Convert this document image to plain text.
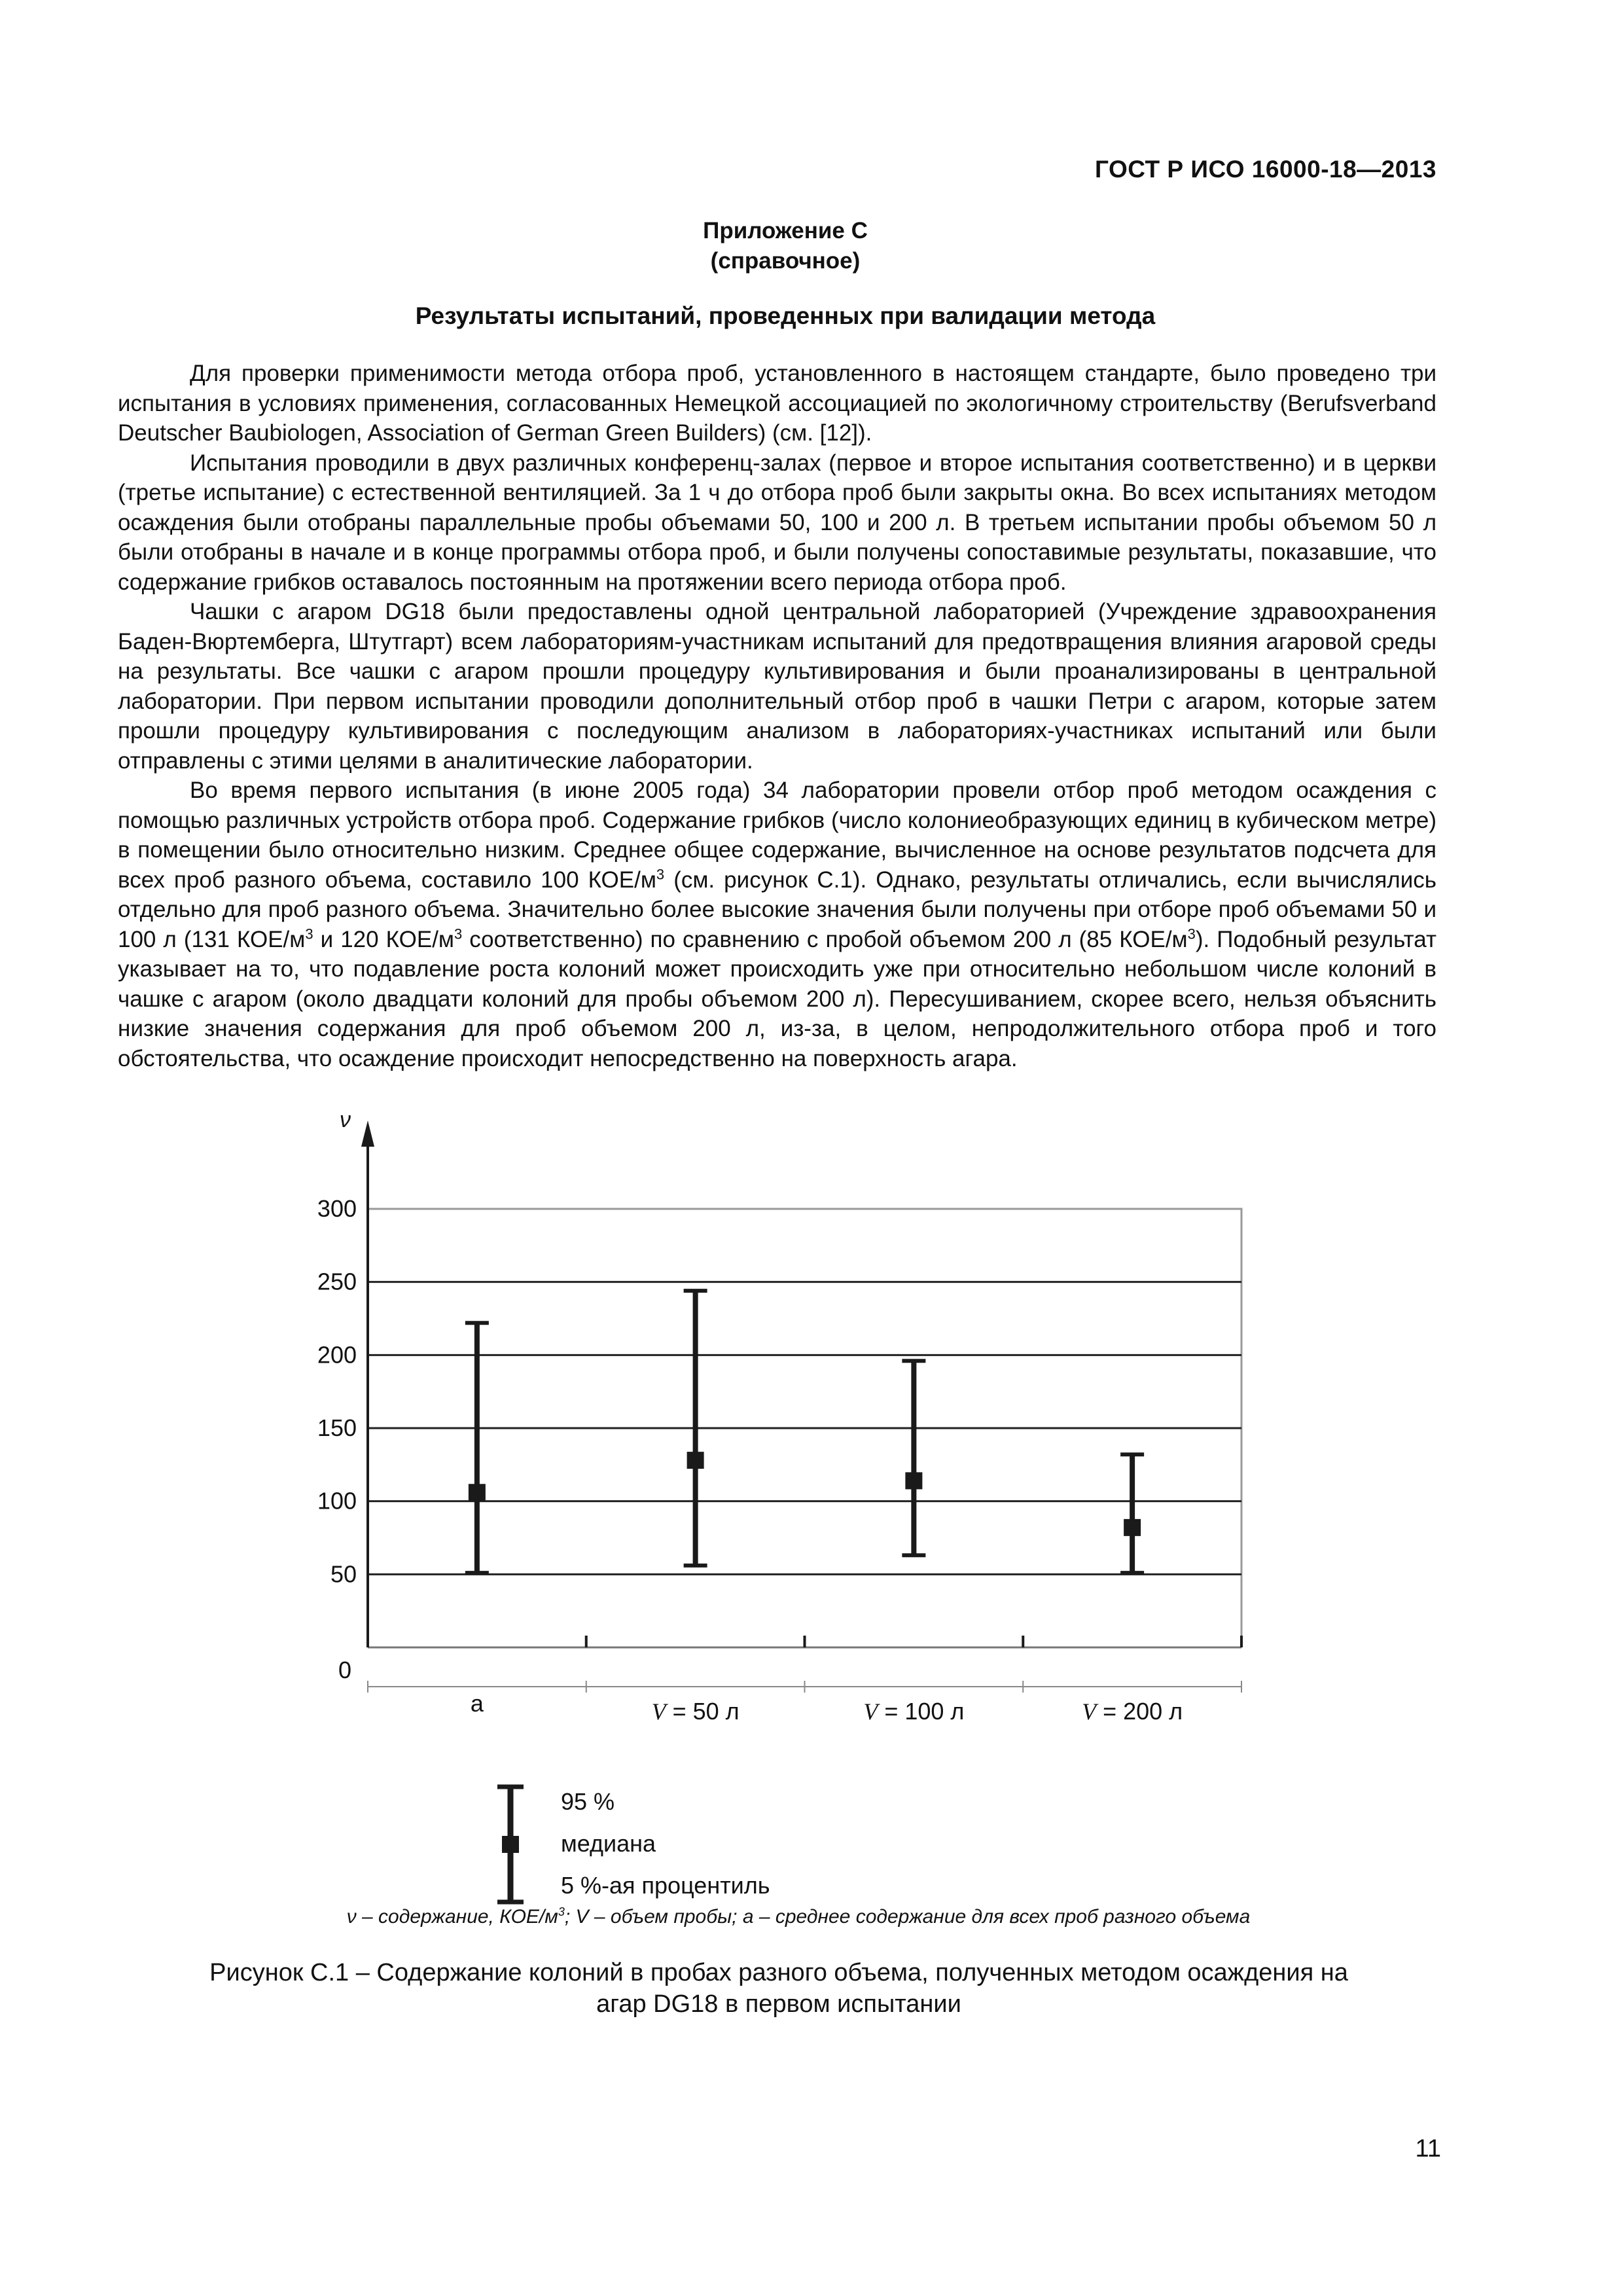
ГОСТ Р ИСО 16000-18—2013
Приложение С
(справочное)
Результаты испытаний, проведенных при валидации метода

Для проверки применимости метода отбора проб, установленного в настоящем стандарте, было проведено три испытания в условиях применения, согласованных Немецкой ассоциацией по экологичному строительству (Berufsverband Deutscher Baubiologen, Association of German Green Builders) (см. [12]).

Испытания проводили в двух различных конференц-залах (первое и второе испытания соответственно) и в церкви (третье испытание) с естественной вентиляцией. За 1 ч до отбора проб были закрыты окна. Во всех испытаниях методом осаждения были отобраны параллельные пробы объемами 50, 100 и 200 л. В третьем испытании пробы объемом 50 л были отобраны в начале и в конце программы отбора проб, и были получены сопоставимые результаты, показавшие, что содержание грибков оставалось постоянным на протяжении всего периода отбора проб.

Чашки с агаром DG18 были предоставлены одной центральной лабораторией (Учреждение здравоохранения Баден-Вюртемберга, Штутгарт) всем лабораториям-участникам испытаний для предотвращения влияния агаровой среды на результаты. Все чашки с агаром прошли процедуру культивирования и были проанализированы в центральной лаборатории. При первом испытании проводили дополнительный отбор проб в чашки Петри с агаром, которые затем прошли процедуру культивирования с последующим анализом в лабораториях-участниках испытаний или были отправлены с этими целями в аналитические лаборатории.

Во время первого испытания (в июне 2005 года) 34 лаборатории провели отбор проб методом осаждения с помощью различных устройств отбора проб. Содержание грибков (число колониеобразующих единиц в кубическом метре) в помещении было относительно низким. Среднее общее содержание, вычисленное на основе результатов подсчета для всех проб разного объема, составило 100 КОЕ/$м^3$ (см. рисунок С.1). Однако, результаты отличались, если вычислялись отдельно для проб разного объема. Значительно более высокие значения были получены при отборе проб объемами 50 и 100 л (131 КОЕ/$м^3$ и 120 КОЕ/$м^3$ соответственно) по сравнению с пробой объемом 200 л (85 КОЕ/$м^3$). Подобный результат указывает на то, что подавление роста колоний может происходить уже при относительно небольшом числе колоний в чашке с агаром (около двадцати колоний для пробы объемом 200 л). Пересушиванием, скорее всего, нельзя объяснить низкие значения содержания для проб объемом 200 л, из-за, в целом, непродолжительного отбора проб и того обстоятельства, что осаждение происходит непосредственно на поверхность агара.

ν
0
50
100
150
200
250
300
a	V = 50 л	V = 100 л	V = 200 л
95 %
медиана
5 %-ая процентиль
ν – содержание, КОЕ/$м^3$; V – объем пробы; a – среднее содержание для всех проб разного объема
Рисунок С.1 – Содержание колоний в пробах разного объема, полученных методом осаждения на
агар DG18 в первом испытании
11
